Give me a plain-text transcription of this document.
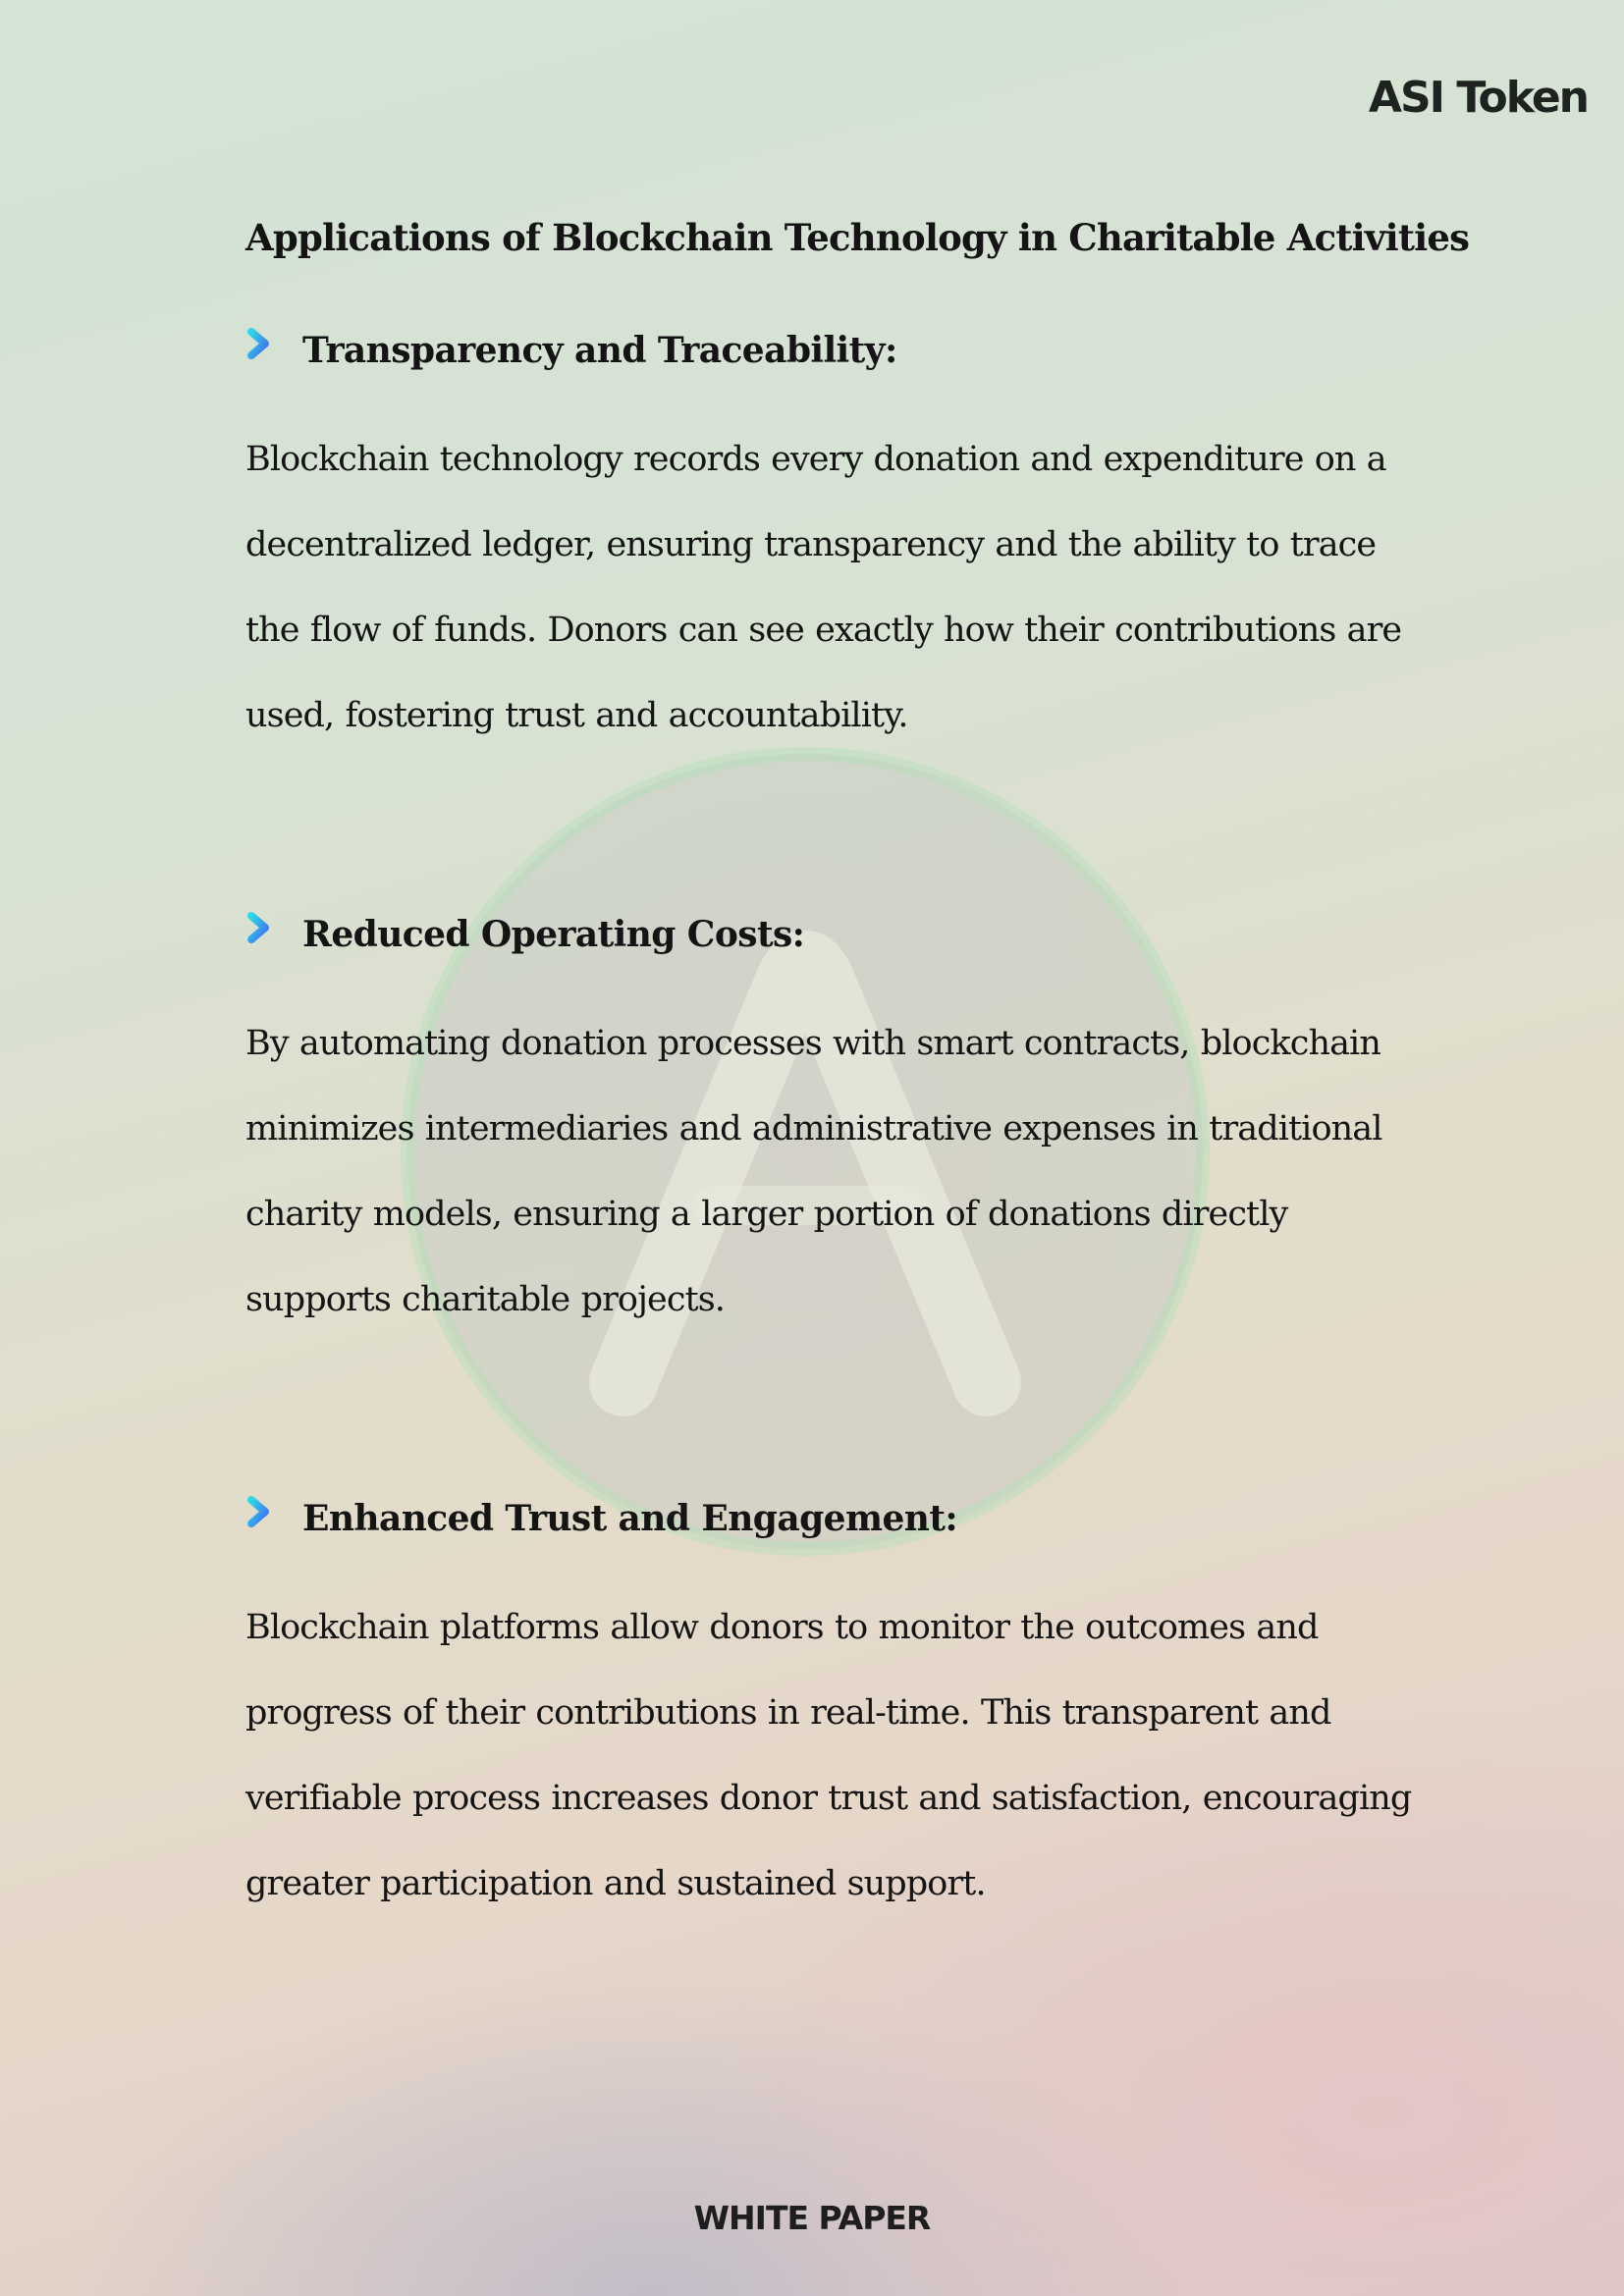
ASI Token
Applications of Blockchain Technology in Charitable Activities
Transparency and Traceability:

Blockchain technology records every donation and expenditure on a
decentralized ledger, ensuring transparency and the ability to trace
the flow of funds. Donors can see exactly how their contributions are
used, fostering trust and accountability.

Reduced Operating Costs:

By automating donation processes with smart contracts, blockchain
minimizes intermediaries and administrative expenses in traditional
charity models, ensuring a larger portion of donations directly
supports charitable projects.

Enhanced Trust and Engagement:

Blockchain platforms allow donors to monitor the outcomes and
progress of their contributions in real-time. This transparent and
verifiable process increases donor trust and satisfaction, encouraging
greater participation and sustained support.

WHITE PAPER
